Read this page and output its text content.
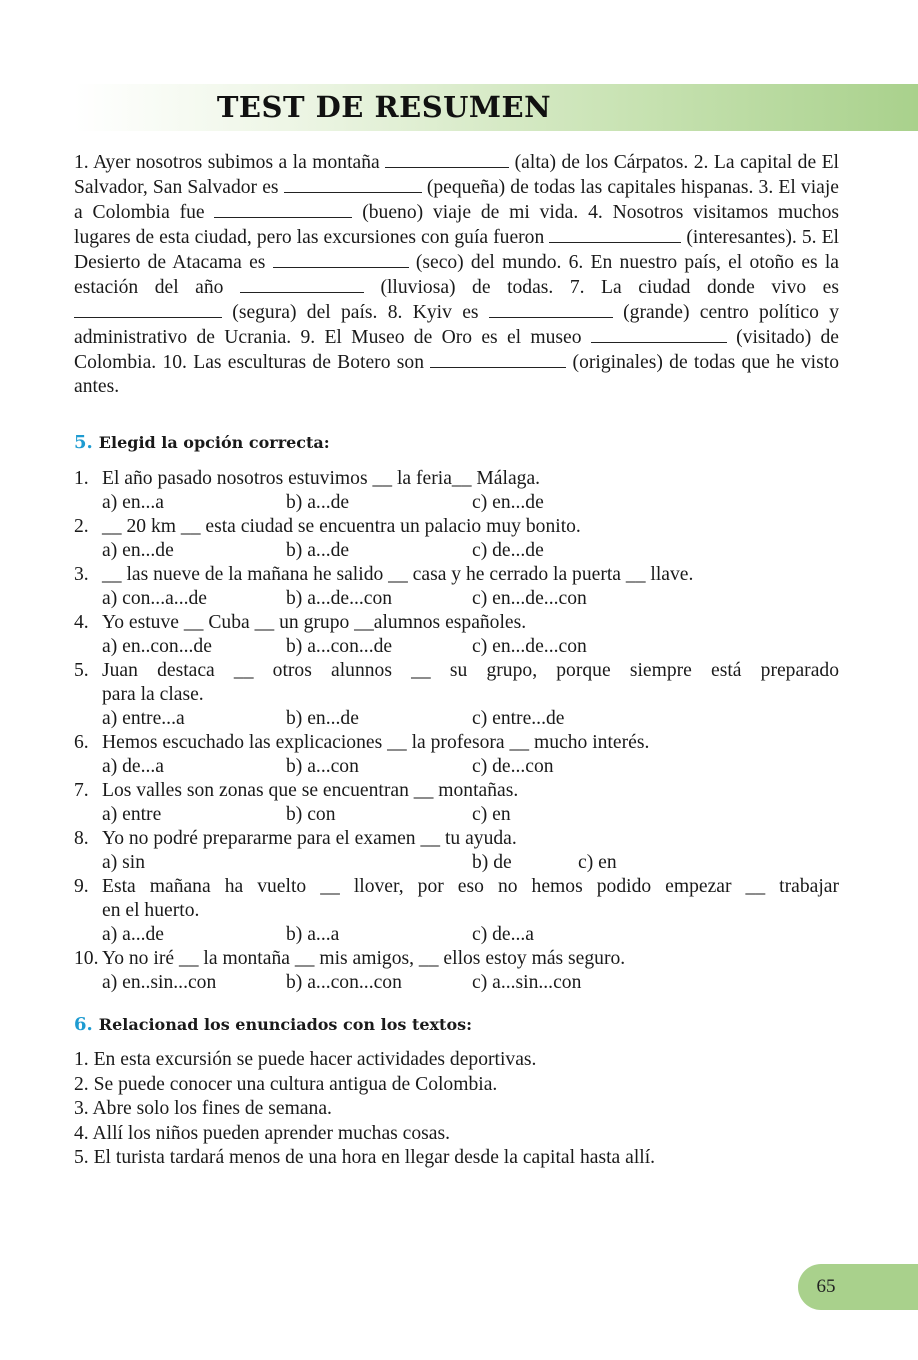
TEST DE RESUMEN
1. Ayer nosotros subimos a la montaña	(alta) de los Cárpatos. 2. La capital de El Salvador, San Salvador es	(pequeña) de todas las capitales hispanas. 3. El viaje a Colombia fue	(bueno) viaje de mi vida. 4. Nosotros visitamos muchos lugares de esta ciudad, pero las excursiones con guía fueron	(interesantes). 5. El Desierto de Atacama es	(seco) del mundo. 6. En nuestro país, el otoño es la estación del año	(lluviosa) de todas. 7. La ciudad donde vivo es  (segura) del país. 8. Kyiv es	(grande) centro político y administrativo de Ucrania. 9. El Museo de Oro es el museo	(visitado) de Colombia. 10. Las esculturas de Botero son	(originales) de todas que he visto antes.
5. Elegid la opción correcta:
1. El año pasado nosotros estuvimos __ la feria__ Málaga.
a) en...a	b) a...de	c) en...de
2. __ 20 km __ esta ciudad se encuentra un palacio muy bonito.
a) en...de	b) a...de	c) de...de
3. __ las nueve de la mañana he salido __ casa y he cerrado la puerta __ llave.
a) con...a...de	b) a...de...con	c) en...de...con
4. Yo estuve __ Cuba __ un grupo __alumnos españoles.
a) en..con...de	b) a...con...de	c) en...de...con
5. Juan destaca __ otros alunnos __ su grupo, porque siempre está preparado
para la clase.
a) entre...a	b) en...de	c) entre...de
6. Hemos escuchado las explicaciones __ la profesora __ mucho interés.
a) de...a	b) a...con	c) de...con
7. Los valles son zonas que se encuentran __ montañas.
a) entre	b) con	c) en
8. Yo no podré prepararme para el examen __ tu ayuda.
a) sin	b) de	c) en
9. Esta mañana ha vuelto __ llover, por eso no hemos podido empezar __ trabajar
en el huerto.
a) a...de	b) a...a	c) de...a
10. Yo no iré __ la montaña __ mis amigos, __ ellos estoy más seguro.
a) en..sin...con	b) a...con...con	c) a...sin...con
6. Relacionad los enunciados con los textos:
1. En esta excursión se puede hacer actividades deportivas.
2. Se puede conocer una cultura antigua de Colombia.
3. Abre solo los fines de semana.
4. Allí los niños pueden aprender muchas cosas.
5. El turista tardará menos de una hora en llegar desde la capital hasta allí.
65
